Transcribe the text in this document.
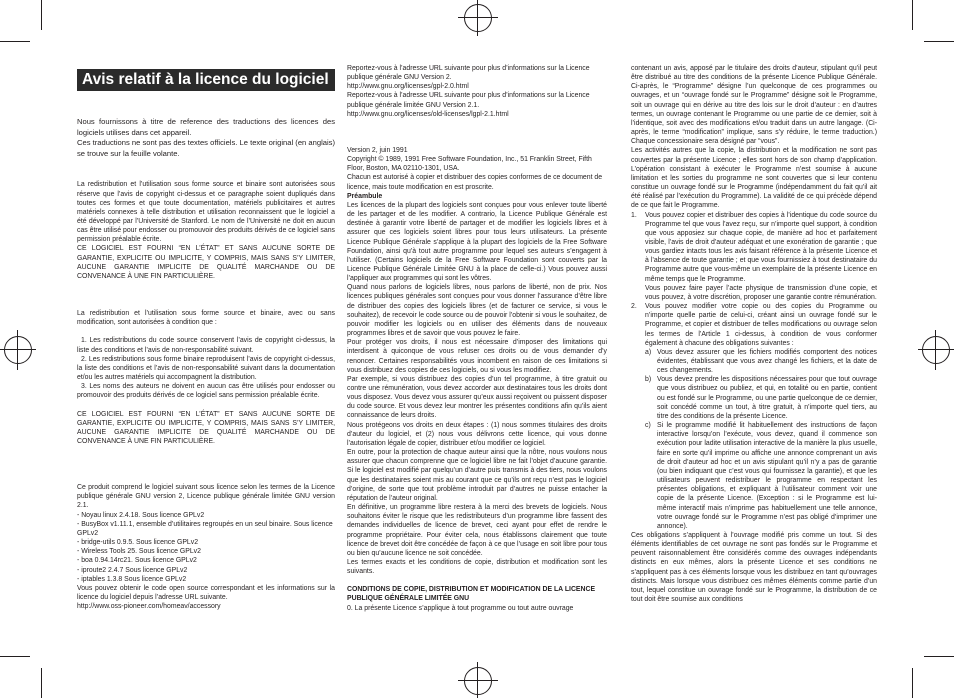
Avis relatif à la licence du logiciel

Nous fournissons à titre de reference des traductions des licences des logiciels utilises dans cet appareil.

Ces traductions ne sont pas des textes officiels. Le texte original (en anglais) se trouve sur la feuille volante.

La redistribution et l’utilisation sous forme source et binaire sont autorisées sous réserve que l’avis de copyright ci-dessus et ce paragraphe soient dupliqués dans toutes ces formes et que toute documentation, matériels publicitaires et autres matériels connexes à telle distribution et utilisation reconnaissent que le logiciel a été développé par l’Université de Stanford. Le nom de l’Université ne doit en aucun cas être utilisé pour endosser ou promouvoir des produits dérivés de ce logiciel sans permission préalable écrite.

CE LOGICIEL EST FOURNI “EN L’ÉTAT” ET SANS AUCUNE SORTE DE GARANTIE, EXPLICITE OU IMPLICITE, Y COMPRIS, MAIS SANS S’Y LIMITER, AUCUNE GARANTIE IMPLICITE DE QUALITÉ MARCHANDE OU DE CONVENANCE À UNE FIN PARTICULIÈRE.

La redistribution et l’utilisation sous forme source et binaire, avec ou sans modification, sont autorisées à condition que :

1. Les redistributions du code source conservent l’avis de copyright ci-dessus, la liste des conditions et l’avis de non-responsabilité suivant.

2. Les redistributions sous forme binaire reproduisent l’avis de copyright ci-dessus, la liste des conditions et l’avis de non-responsabilité suivant dans la documentation et/ou les autres matériels qui accompagnent la distribution.

3. Les noms des auteurs ne doivent en aucun cas être utilisés pour endosser ou promouvoir des produits dérivés de ce logiciel sans permission préalable écrite.

CE LOGICIEL EST FOURNI “EN L’ÉTAT” ET SANS AUCUNE SORTE DE GARANTIE, EXPLICITE OU IMPLICITE, Y COMPRIS, MAIS SANS S’Y LIMITER, AUCUNE GARANTIE IMPLICITE DE QUALITÉ MARCHANDE OU DE CONVENANCE À UNE FIN PARTICULIÈRE.

Ce produit comprend le logiciel suivant sous licence selon les termes de la Licence publique générale GNU version 2, Licence publique générale limitée GNU version 2.1.

- Noyau linux 2.4.18. Sous licence GPLv2

- BusyBox v1.11.1, ensemble d’utilitaires regroupés en un seul binaire. Sous licence GPLv2

- bridge-utils 0.9.5. Sous licence GPLv2

- Wireless Tools 25. Sous licence GPLv2

- boa 0.94.14rc21. Sous licence GPLv2

- iproute2 2.4.7 Sous licence GPLv2

- iptables 1.3.8 Sous licence GPLv2

Vous pouvez obtenir le code open source correspondant et les informations sur la licence du logiciel depuis l’adresse URL suivante.

http://www.oss-pioneer.com/homeav/accessory

Reportez-vous à l’adresse URL suivante pour plus d’informations sur la Licence publique générale GNU Version 2.

http://www.gnu.org/licenses/gpl-2.0.html

Reportez-vous à l’adresse URL suivante pour plus d’informations sur la Licence publique générale limitée GNU Version 2.1.

http://www.gnu.org/licenses/old-licenses/lgpl-2.1.html

Version 2, juin 1991

Copyright © 1989, 1991 Free Software Foundation, Inc., 51 Franklin Street, Fifth Floor, Boston, MA 02110-1301, USA.

Chacun est autorisé à copier et distribuer des copies conformes de ce document de licence, mais toute modification en est proscrite.

Préambule

Les licences de la plupart des logiciels sont conçues pour vous enlever toute liberté de les partager et de les modifier. A contrario, la Licence Publique Générale est destinée à garantir votre liberté de partager et de modifier les logiciels libres et à assurer que ces logiciels soient libres pour tous leurs utilisateurs. La présente Licence Publique Générale s’applique à la plupart des logiciels de la Free Software Foundation, ainsi qu’à tout autre programme pour lequel ses auteurs s’engagent à l’utiliser. (Certains logiciels de la Free Software Foundation sont couverts par la Licence Publique Générale Limitée GNU à la place de celle-ci.) Vous pouvez aussi l’appliquer aux programmes qui sont les vôtres.

Quand nous parlons de logiciels libres, nous parlons de liberté, non de prix. Nos licences publiques générales sont conçues pour vous donner l’assurance d’être libre de distribuer des copies des logiciels libres (et de facturer ce service, si vous le souhaitez), de recevoir le code source ou de pouvoir l’obtenir si vous le souhaitez, de pouvoir modifier les logiciels ou en utiliser des éléments dans de nouveaux programmes libres et de savoir que vous pouvez le faire.

Pour protéger vos droits, il nous est nécessaire d’imposer des limitations qui interdisent à quiconque de vous refuser ces droits ou de vous demander d’y renoncer. Certaines responsabilités vous incombent en raison de ces limitations si vous distribuez des copies de ces logiciels, ou si vous les modifiez.

Par exemple, si vous distribuez des copies d’un tel programme, à titre gratuit ou contre une rémunération, vous devez accorder aux destinataires tous les droits dont vous disposez. Vous devez vous assurer qu’eux aussi reçoivent ou puissent disposer du code source. Et vous devez leur montrer les présentes conditions afin qu’ils aient connaissance de leurs droits.

Nous protégeons vos droits en deux étapes : (1) nous sommes titulaires des droits d’auteur du logiciel, et (2) nous vous délivrons cette licence, qui vous donne l’autorisation légale de copier, distribuer et/ou modifier ce logiciel.

En outre, pour la protection de chaque auteur ainsi que la nôtre, nous voulons nous assurer que chacun comprenne que ce logiciel libre ne fait l’objet d’aucune garantie. Si le logiciel est modifié par quelqu’un d’autre puis transmis à des tiers, nous voulons que les destinataires soient mis au courant que ce qu’ils ont reçu n’est pas le logiciel d’origine, de sorte que tout problème introduit par d’autres ne puisse entacher la réputation de l’auteur original.

En définitive, un programme libre restera à la merci des brevets de logiciels. Nous souhaitons éviter le risque que les redistributeurs d’un programme libre fassent des demandes individuelles de licence de brevet, ceci ayant pour effet de rendre le programme propriétaire. Pour éviter cela, nous établissons clairement que toute licence de brevet doit être concédée de façon à ce que l’usage en soit libre pour tous ou bien qu’aucune licence ne soit concédée.

Les termes exacts et les conditions de copie, distribution et modification sont les suivants.

CONDITIONS DE COPIE, DISTRIBUTION ET MODIFICATION DE LA LICENCE PUBLIQUE GÉNÉRALE LIMITÉE GNU

0. La présente Licence s’applique à tout programme ou tout autre ouvrage

contenant un avis, apposé par le titulaire des droits d’auteur, stipulant qu’il peut être distribué au titre des conditions de la présente Licence Publique Générale. Ci-après, le “Programme” désigne l’un quelconque de ces programmes ou ouvrages, et un “ouvrage fondé sur le Programme” désigne soit le Programme, soit un ouvrage qui en dérive au titre des lois sur le droit d’auteur : en d’autres termes, un ouvrage contenant le Programme ou une partie de ce dernier, soit à l’identique, soit avec des modifications et/ou traduit dans un autre langage. (Ci-après, le terme “modification” implique, sans s’y réduire, le terme traduction.) Chaque concessionaire sera désigné par “vous”.

Les activités autres que la copie, la distribution et la modification ne sont pas couvertes par la présente Licence ; elles sont hors de son champ d’application. L’opération consistant à exécuter le Programme n’est soumise à aucune limitation et les sorties du programme ne sont couvertes que si leur contenu constitue un ouvrage fondé sur le Programme (indépendamment du fait qu’il ait été réalisé par l’exécution du Programme). La validité de ce qui précède dépend de ce que fait le Programme.

1.	Vous pouvez copier et distribuer des copies à l’identique du code source du Programme tel que vous l’avez reçu, sur n’importe quel support, à condition que vous apposiez sur chaque copie, de manière ad hoc et parfaitement visible, l’avis de droit d’auteur adéquat et une exonération de garantie ; que vous gardiez intacts tous les avis faisant référence à la présente Licence et à l’absence de toute garantie ; et que vous fournissiez à tout destinataire du Programme autre que vous-même un exemplaire de la présente Licence en même temps que le Programme.

Vous pouvez faire payer l’acte physique de transmission d’une copie, et vous pouvez, à votre discrétion, proposer une garantie contre rémunération.

2.	Vous pouvez modifier votre copie ou des copies du Programme ou n’importe quelle partie de celui-ci, créant ainsi un ouvrage fondé sur le Programme, et copier et distribuer de telles modifications ou ouvrage selon les termes de l’Article 1 ci-dessus, à condition de vous conformer également à chacune des obligations suivantes :
a) Vous devez assurer que les fichiers modifiés comportent des notices évidentes, établissant que vous avez changé les fichiers, et la date de ces changements.
b) Vous devez prendre les dispositions nécessaires pour que tout ouvrage que vous distribuez ou publiez, et qui, en totalité ou en partie, contient ou est fondé sur le Programme, ou une partie quelconque de ce dernier, soit concédé comme un tout, à titre gratuit, à n’importe quel tiers, au titre des conditions de la présente Licence.
c) Si le programme modifié lit habituellement des instructions de façon interactive lorsqu’on l’exécute, vous devez, quand il commence son exécution pour ladite utilisation interactive de la manière la plus usuelle, faire en sorte qu’il imprime ou affiche une annonce comprenant un avis de droit d’auteur ad hoc et un avis stipulant qu’il n’y a pas de garantie (ou bien indiquant que c’est vous qui fournissez la garantie), et que les utilisateurs peuvent redistribuer le programme en respectant les présentes obligations, et expliquant à l’utilisateur comment voir une copie de la présente Licence. (Exception : si le Programme est lui-même interactif mais n’imprime pas habituellement une telle annonce, votre ouvrage fondé sur le Programme n’est pas obligé d’imprimer une annonce).

Ces obligations s’appliquent à l’ouvrage modifié pris comme un tout. Si des éléments identifiables de cet ouvrage ne sont pas fondés sur le Programme et peuvent raisonnablement être considérés comme des ouvrages indépendants distincts en eux mêmes, alors la présente Licence et ses conditions ne s’appliquent pas à ces éléments lorsque vous les distribuez en tant qu’ouvrages distincts. Mais lorsque vous distribuez ces mêmes éléments comme partie d’un tout, lequel constitue un ouvrage fondé sur le Programme, la distribution de ce tout doit être soumise aux conditions
